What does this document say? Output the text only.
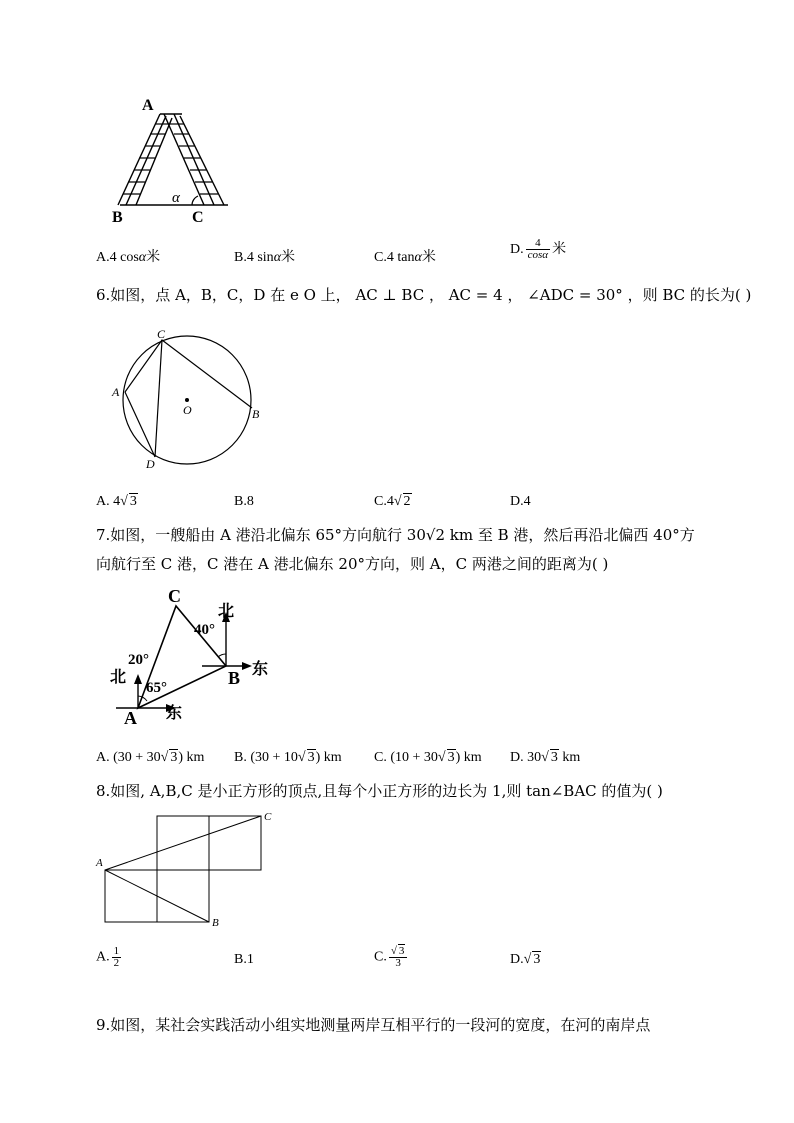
A
B	C
α
A.4 cosα米	B.4 sinα米	C.4 tanα米
D. $\frac{4}{\cos\alpha}$ 米
6.如图，点 A，B，C，D 在 e O 上， AC ⊥ BC ， AC = 4 ， ∠ADC = 30° ，则 BC 的长为( )
C
A
B
D
O
A. 4√ 3	B.8	C.4√ 2	D.4
7.如图，一艘船由 A 港沿北偏东 65°方向航行 30√2 km 至 B 港，然后再沿北偏西 40°方
向航行至 C 港，C 港在 A 港北偏东 20°方向，则 A，C 两港之间的距离为( )
C
A
B
北
东
北
东
20°
65°
40°
A. (30 + 30√ 3) km B. (30 + 10√ 3) km C. (10 + 30√ 3) km D. 30√ 3 km
8.如图, A,B,C 是小正方形的顶点,且每个小正方形的边长为 1,则 tan∠BAC 的值为( )
A
C
B
A. $\frac{1}{2}$	B.1	C. $\frac{√ 3}{3}$	D.√ 3
9.如图，某社会实践活动小组实地测量两岸互相平行的一段河的宽度，在河的南岸点
